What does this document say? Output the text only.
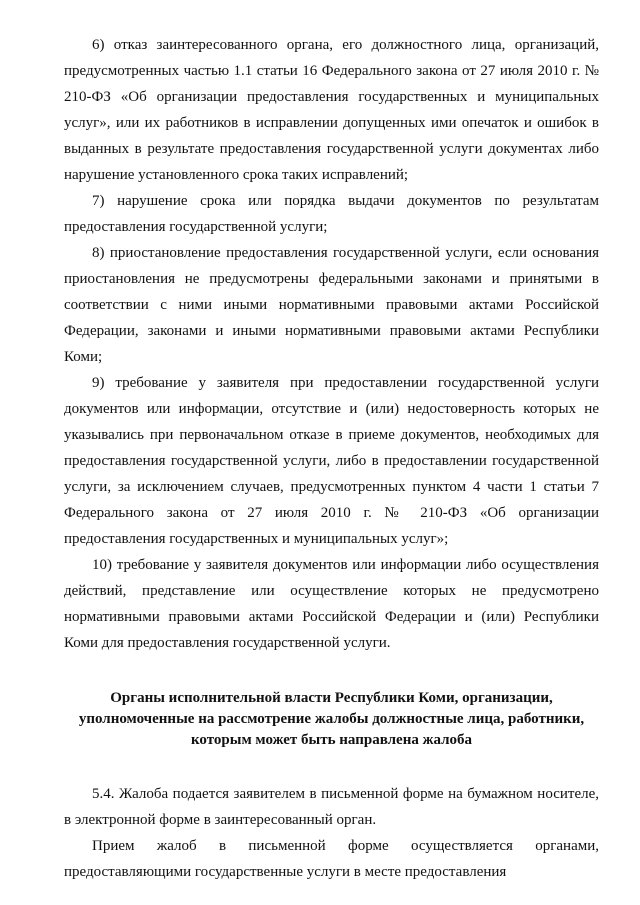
6) отказ заинтересованного органа, его должностного лица, организаций, предусмотренных частью 1.1 статьи 16 Федерального закона от 27 июля 2010 г. № 210-ФЗ «Об организации предоставления государственных и муниципальных услуг», или их работников в исправлении допущенных ими опечаток и ошибок в выданных в результате предоставления государственной услуги документах либо нарушение установленного срока таких исправлений;

7) нарушение срока или порядка выдачи документов по результатам предоставления государственной услуги;

8) приостановление предоставления государственной услуги, если основания приостановления не предусмотрены федеральными законами и принятыми в соответствии с ними иными нормативными правовыми актами Российской Федерации, законами и иными нормативными правовыми актами Республики Коми;

9) требование у заявителя при предоставлении государственной услуги документов или информации, отсутствие и (или) недостоверность которых не указывались при первоначальном отказе в приеме документов, необходимых для предоставления государственной услуги, либо в предоставлении государственной услуги, за исключением случаев, предусмотренных пунктом 4 части 1 статьи 7 Федерального закона от 27 июля 2010 г. № 210-ФЗ «Об организации предоставления государственных и муниципальных услуг»;

10) требование у заявителя документов или информации либо осуществления действий, представление или осуществление которых не предусмотрено нормативными правовыми актами Российской Федерации и (или) Республики Коми для предоставления государственной услуги.

Органы исполнительной власти Республики Коми, организации, уполномоченные на рассмотрение жалобы должностные лица, работники, которым может быть направлена жалоба

5.4. Жалоба подается заявителем в письменной форме на бумажном носителе, в электронной форме в заинтересованный орган.

Прием жалоб в письменной форме осуществляется органами, предоставляющими государственные услуги в месте предоставления
